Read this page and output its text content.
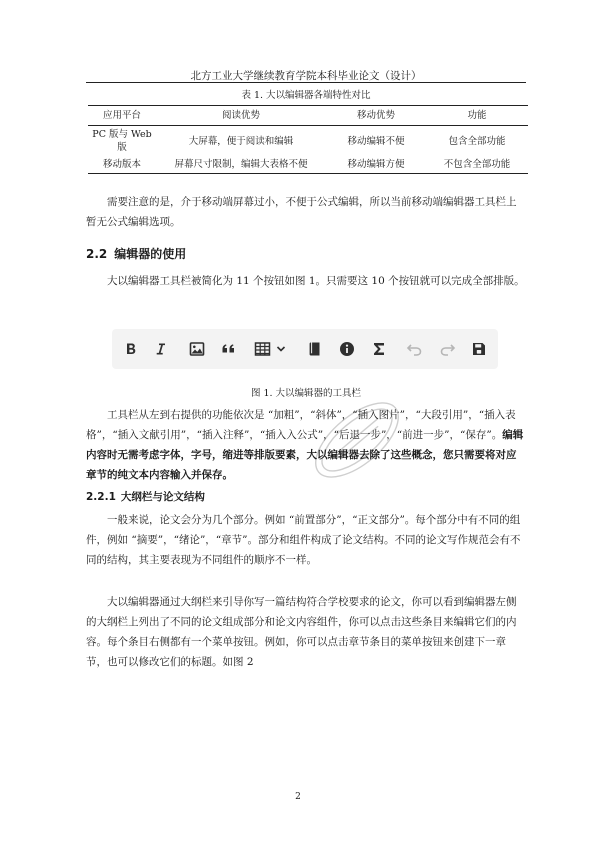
北方工业大学继续教育学院本科毕业论文（设计）
表 1. 大以编辑器各端特性对比
应用平台	阅读优势	移动优势	功能
PC 版与 Web 版	大屏幕，便于阅读和编辑	移动编辑不便	包含全部功能
移动版本	屏幕尺寸限制，编辑大表格不便	移动编辑方便	不包含全部功能

需要注意的是，介于移动端屏幕过小，不便于公式编辑，所以当前移动端编辑器工具栏上暂无公式编辑选项。

2.2 编辑器的使用

大以编辑器工具栏被简化为 11 个按钮如图 1。只需要这 10 个按钮就可以完成全部排版。

图 1. 大以编辑器的工具栏

工具栏从左到右提供的功能依次是 “加粗”，“斜体”，“插入图片”，“大段引用”，“插入表格”，“插入文献引用”，“插入注释”，“插入入公式”，“后退一步”，“前进一步”，“保存”。编辑内容时无需考虑字体，字号，缩进等排版要素，大以编辑器去除了这些概念，您只需要将对应章节的纯文本内容输入并保存。

2.2.1 大纲栏与论文结构

一般来说，论文会分为几个部分。例如 “前置部分”，“正文部分”。每个部分中有不同的组件，例如 “摘要”，“绪论”，“章节”。部分和组件构成了论文结构。不同的论文写作规范会有不同的结构，其主要表现为不同组件的顺序不一样。

大以编辑器通过大纲栏来引导你写一篇结构符合学校要求的论文，你可以看到编辑器左侧的大纲栏上列出了不同的论文组成部分和论文内容组件，你可以点击这些条目来编辑它们的内容。每个条目右侧都有一个菜单按钮。例如，你可以点击章节条目的菜单按钮来创建下一章节，也可以修改它们的标题。如图 2

2
